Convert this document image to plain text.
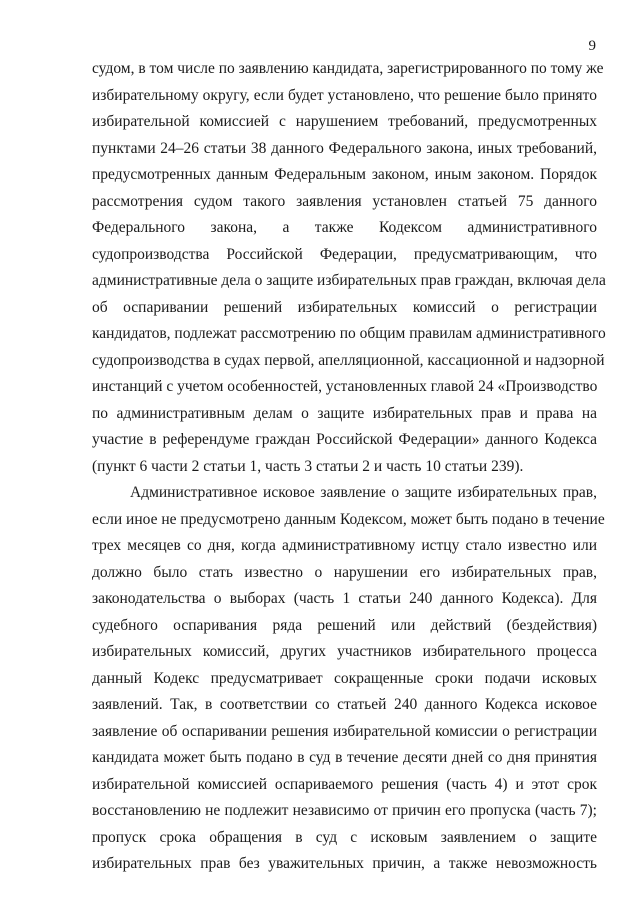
9
судом, в том числе по заявлению кандидата, зарегистрированного по тому же
избирательному округу, если будет установлено, что решение было принято
избирательной комиссией с нарушением требований, предусмотренных
пунктами 24–26 статьи 38 данного Федерального закона, иных требований,
предусмотренных данным Федеральным законом, иным законом. Порядок
рассмотрения судом такого заявления установлен статьей 75 данного
Федерального закона, а также Кодексом административного
судопроизводства Российской Федерации, предусматривающим, что
административные дела о защите избирательных прав граждан, включая дела
об оспаривании решений избирательных комиссий о регистрации
кандидатов, подлежат рассмотрению по общим правилам административного
судопроизводства в судах первой, апелляционной, кассационной и надзорной
инстанций с учетом особенностей, установленных главой 24 «Производство
по административным делам о защите избирательных прав и права на
участие в референдуме граждан Российской Федерации» данного Кодекса
(пункт 6 части 2 статьи 1, часть 3 статьи 2 и часть 10 статьи 239).
Административное исковое заявление о защите избирательных прав,
если иное не предусмотрено данным Кодексом, может быть подано в течение
трех месяцев со дня, когда административному истцу стало известно или
должно было стать известно о нарушении его избирательных прав,
законодательства о выборах (часть 1 статьи 240 данного Кодекса). Для
судебного оспаривания ряда решений или действий (бездействия)
избирательных комиссий, других участников избирательного процесса
данный Кодекс предусматривает сокращенные сроки подачи исковых
заявлений. Так, в соответствии со статьей 240 данного Кодекса исковое
заявление об оспаривании решения избирательной комиссии о регистрации
кандидата может быть подано в суд в течение десяти дней со дня принятия
избирательной комиссией оспариваемого решения (часть 4) и этот срок
восстановлению не подлежит независимо от причин его пропуска (часть 7);
пропуск срока обращения в суд с исковым заявлением о защите
избирательных прав без уважительных причин, а также невозможность
